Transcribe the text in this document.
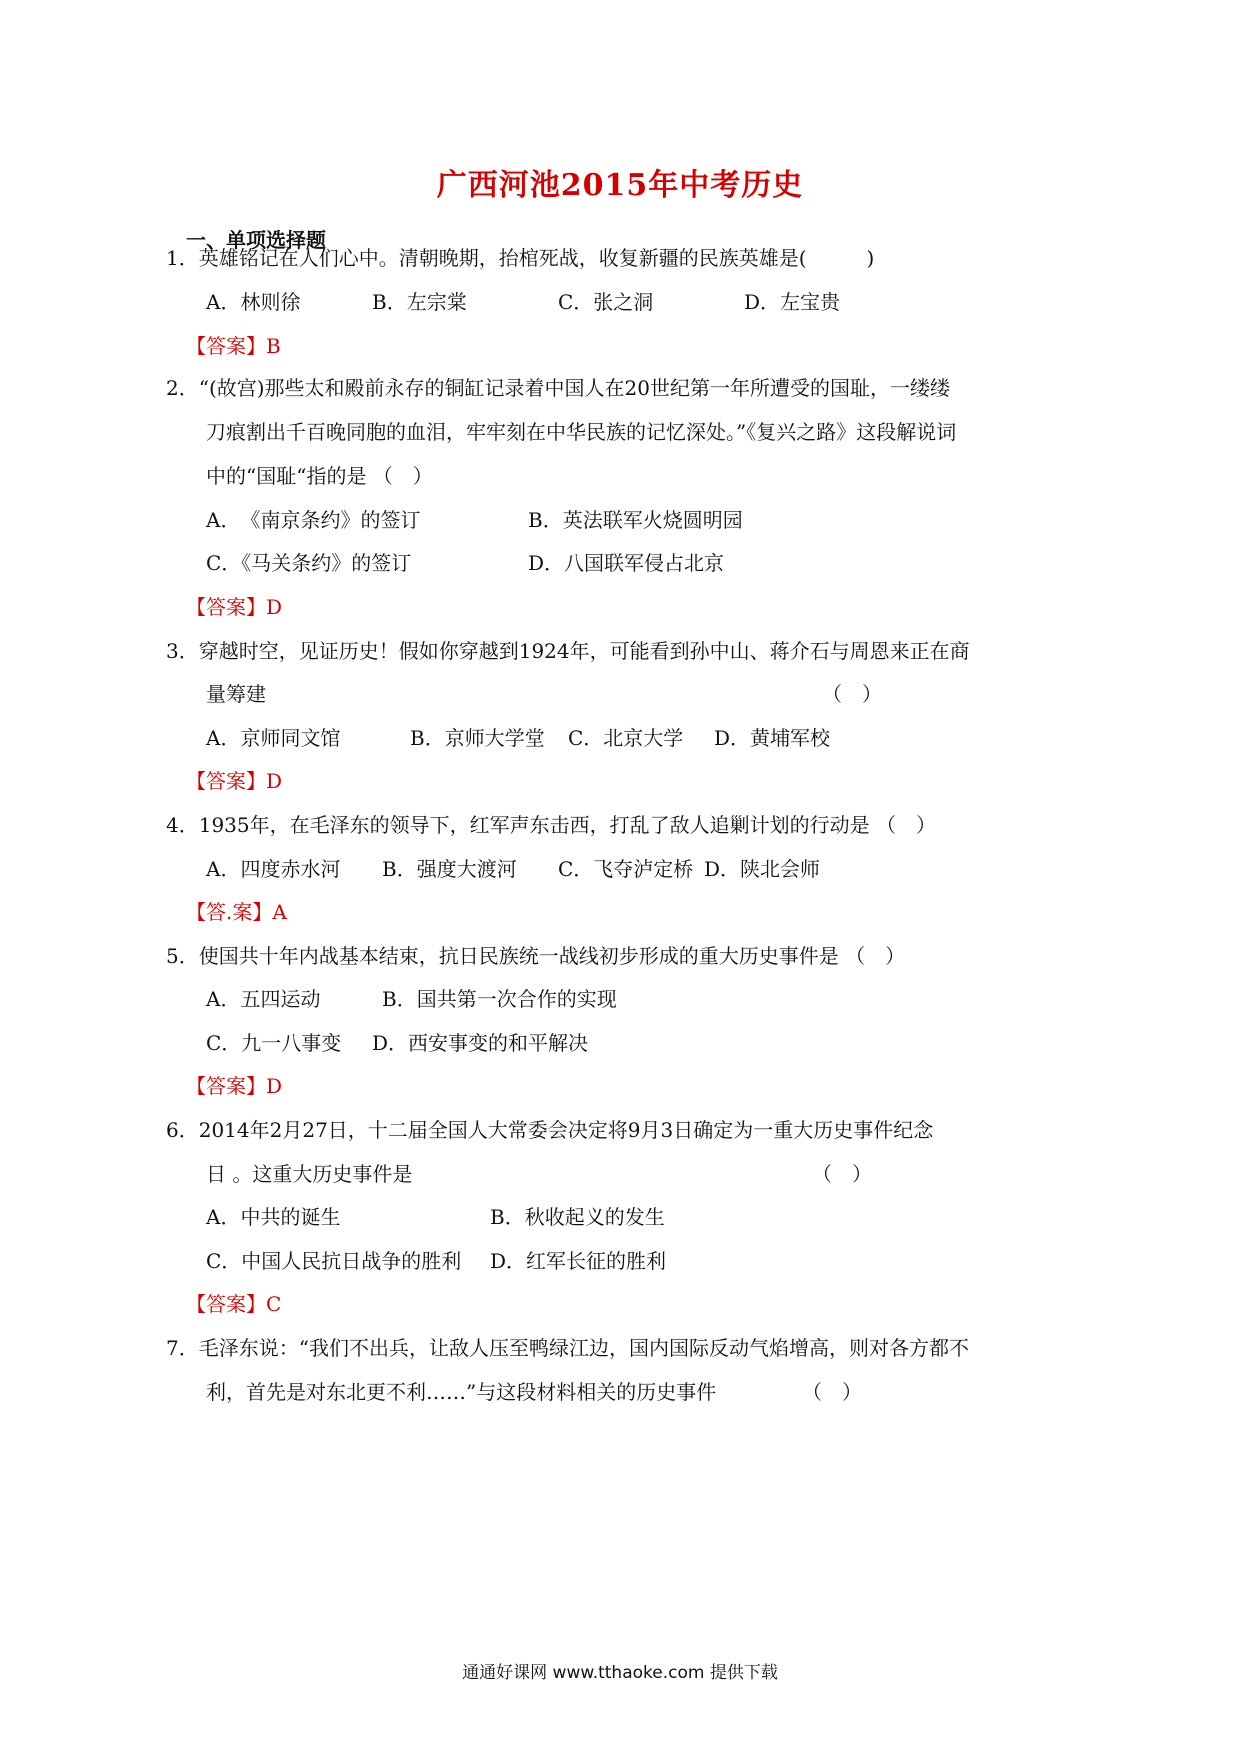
广西河池2015年中考历史
一、单项选择题
1．英雄铭记在人们心中。清朝晚期，抬棺死战，收复新疆的民族英雄是(　　　)
A．林则徐	B．左宗棠	C．张之洞	D．左宝贵
【答案】B
2．“(故宫)那些太和殿前永存的铜缸记录着中国人在20世纪第一年所遭受的国耻，一缕缕
刀痕割出千百晚同胞的血泪，牢牢刻在中华民族的记忆深处。”《复兴之路》这段解说词
中的“国耻“指的是 （　）
A．　《南京条约》的签订	B．英法联军火烧圆明园
C．《马关条约》的签订	D．八国联军侵占北京
【答案】D
3．穿越时空，见证历史！假如你穿越到1924年，可能看到孙中山、蒋介石与周恩来正在商
量筹建	（　）
A．京师同文馆	B．京师大学堂 C．北京大学 D．黄埔军校
【答案】D
4．1935年，在毛泽东的领导下，红军声东击西，打乱了敌人追剿计划的行动是 （　）
A．四度赤水河 B．强度大渡河 C．飞夺泸定桥 D．陕北会师
【答.案】A
5．使国共十年内战基本结束，抗日民族统一战线初步形成的重大历史事件是 （　）
A．五四运动	B．国共第一次合作的实现
C．九一八事变 D．西安事变的和平解决
【答案】D
6．2014年2月27日，十二届全国人大常委会决定将9月3日确定为一重大历史事件纪念
日 。这重大历史事件是	（　）
A．中共的诞生	B．秋收起义的发生
C．中国人民抗日战争的胜利 D．红军长征的胜利
【答案】C
7．毛泽东说：“我们不出兵，让敌人压至鸭绿江边，国内国际反动气焰增高，则对各方都不
利，首先是对东北更不利……”与这段材料相关的历史事件	（　）
通通好课网 www.tthaoke.com 提供下载
